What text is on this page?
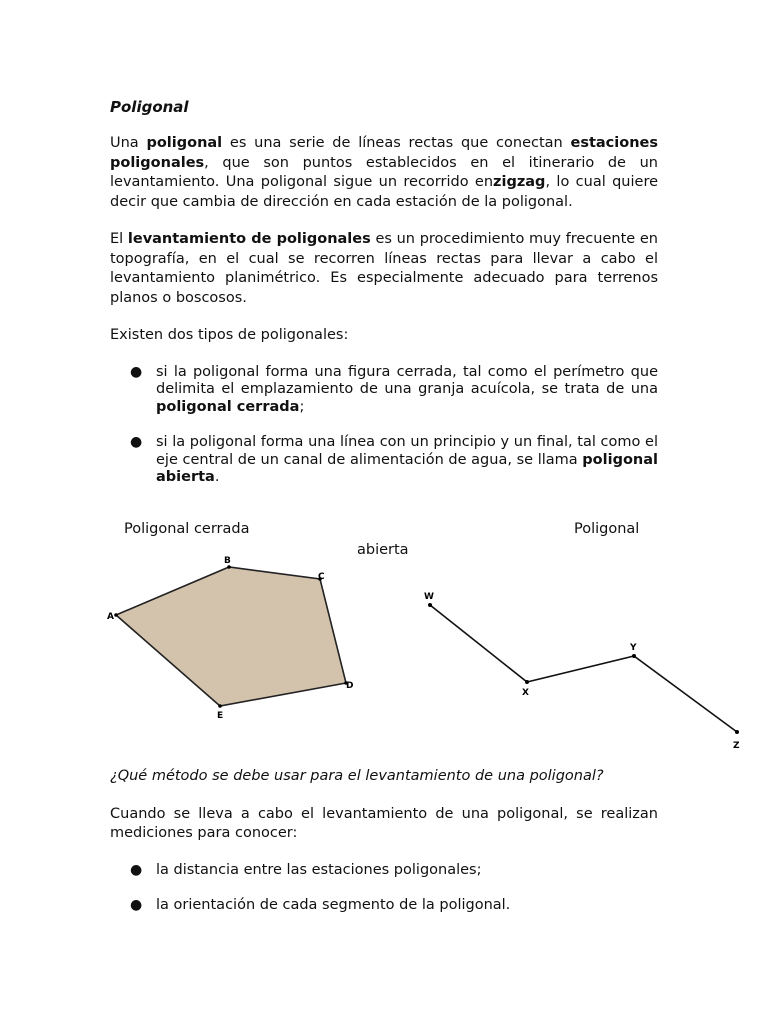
Poligonal

Una poligonal es una serie de líneas rectas que conectan estaciones poligonales, que son puntos establecidos en el itinerario de un levantamiento. Una poligonal sigue un recorrido enzigzag, lo cual quiere decir que cambia de dirección en cada estación de la poligonal.

El levantamiento de poligonales es un procedimiento muy frecuente en topografía, en el cual se recorren líneas rectas para llevar a cabo el levantamiento planimétrico. Es especialmente adecuado para terrenos planos o boscosos.

Existen dos tipos de poligonales:

● si la poligonal forma una figura cerrada, tal como el perímetro que delimita el emplazamiento de una granja acuícola, se trata de una poligonal cerrada;
● si la poligonal forma una línea con un principio y un final, tal como el eje central de un canal de alimentación de agua, se llama poligonal abierta.
Poligonal cerrada	Poligonal
abierta
A
B
C
D
E
W
X
Y
Z

¿Qué método se debe usar para el levantamiento de una poligonal?

Cuando se lleva a cabo el levantamiento de una poligonal, se realizan mediciones para conocer:

● la distancia entre las estaciones poligonales;
● la orientación de cada segmento de la poligonal.
